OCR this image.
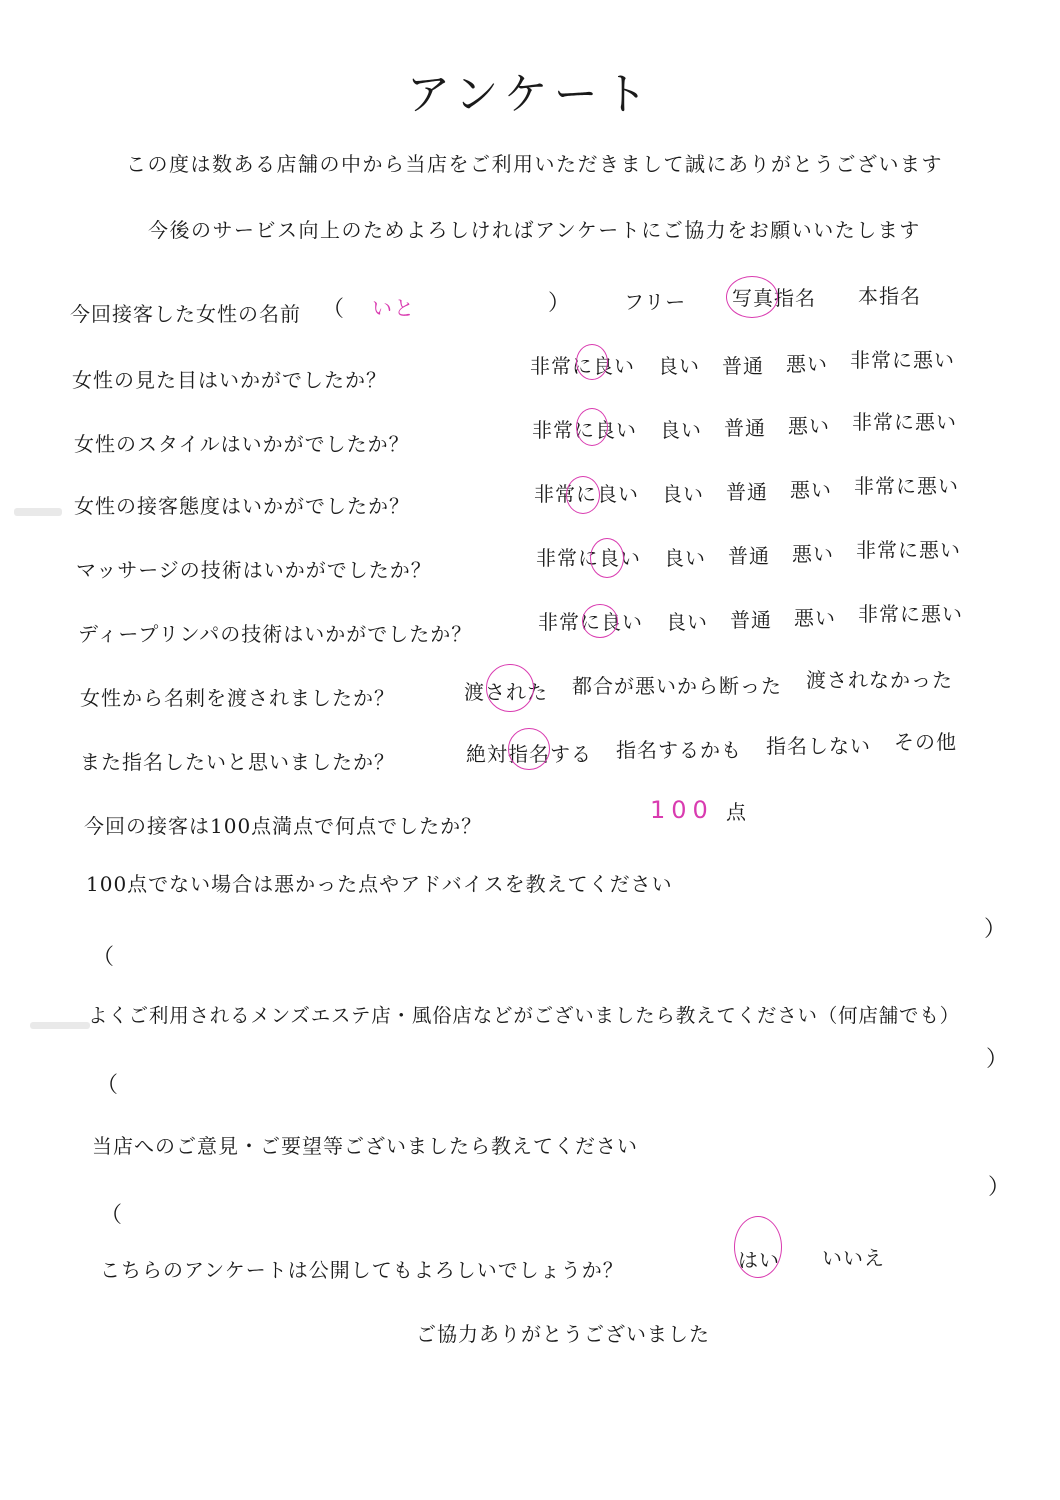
アンケート
この度は数ある店舗の中から当店をご利用いただきまして誠にありがとうございます
今後のサービス向上のためよろしければアンケートにご協力をお願いいたします
今回接客した女性の名前 （ いと	）	フリー 写真指名 本指名
女性の見た目はいかがでしたか？
非常に良い 良い 普通 悪い 非常に悪い
女性のスタイルはいかがでしたか？
非常に良い 良い 普通 悪い 非常に悪い
女性の接客態度はいかがでしたか？	非常に良い 良い 普通 悪い 非常に悪い
マッサージの技術はいかがでしたか？	非常に良い 良い 普通 悪い 非常に悪い
ディープリンパの技術はいかがでしたか？	非常に良い 良い 普通 悪い 非常に悪い
女性から名刺を渡されましたか？	渡された 都合が悪いから断った 渡されなかった
また指名したいと思いましたか？	絶対指名する 指名するかも 指名しない その他
今回の接客は100点満点で何点でしたか？
100 点
100点でない場合は悪かった点やアドバイスを教えてください
（
）
よくご利用されるメンズエステ店・風俗店などがございましたら教えてください（何店舗でも）
（
）
当店へのご意見・ご要望等ございましたら教えてください
（
）
こちらのアンケートは公開してもよろしいでしょうか？	はい いいえ
ご協力ありがとうございました
